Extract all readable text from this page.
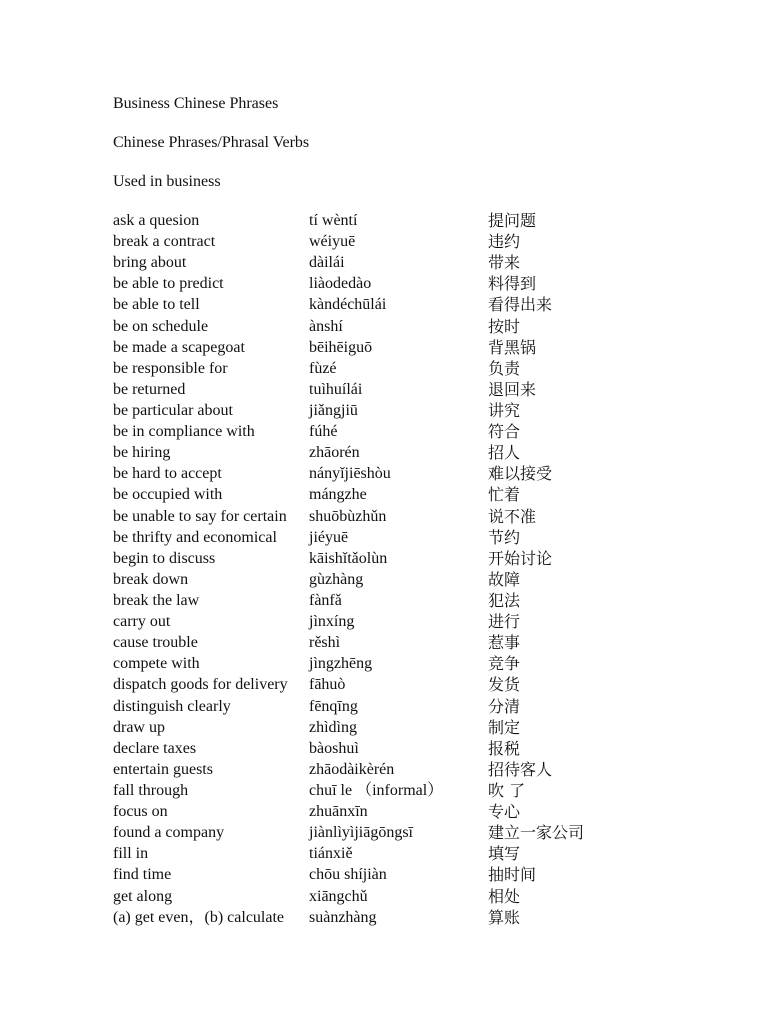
Business Chinese Phrases
Chinese Phrases/Phrasal Verbs
Used in business
ask a quesion	tí wèntí	提问题
break a contract	wéiyuē	违约
bring about	dàilái	带来
be able to predict	liàodedào	料得到
be able to tell	kàndéchūlái	看得出来
be on schedule	ànshí	按时
be made a scapegoat	bēihēiguō	背黑锅
be responsible for	fùzé	负责
be returned	tuìhuílái	退回来
be particular about	jiǎngjiū	讲究
be in compliance with	fúhé	符合
be hiring	zhāorén	招人
be hard to accept	nányǐjiēshòu	难以接受
be occupied with	mángzhe	忙着
be unable to say for certain	shuōbùzhǔn	说不准
be thrifty and economical	jiéyuē	节约
begin to discuss	kāishǐtǎolùn	开始讨论
break down	gùzhàng	故障
break the law	fànfǎ	犯法
carry out	jìnxíng	进行
cause trouble	rěshì	惹事
compete with	jìngzhēng	竞争
dispatch goods for delivery	fāhuò	发货
distinguish clearly	fēnqīng	分清
draw up	zhìdìng	制定
declare taxes	bàoshuì	报税
entertain guests	zhāodàikèrén	招待客人
fall through	chuī le （informal）	吹 了
focus on	zhuānxīn	专心
found a company	jiànlìyìjiāgōngsī	建立一家公司
fill in	tiánxiě	填写
find time	chōu shíjiàn	抽时间
get along	xiāngchǔ	相处
(a) get even，(b) calculate	suànzhàng	算账
